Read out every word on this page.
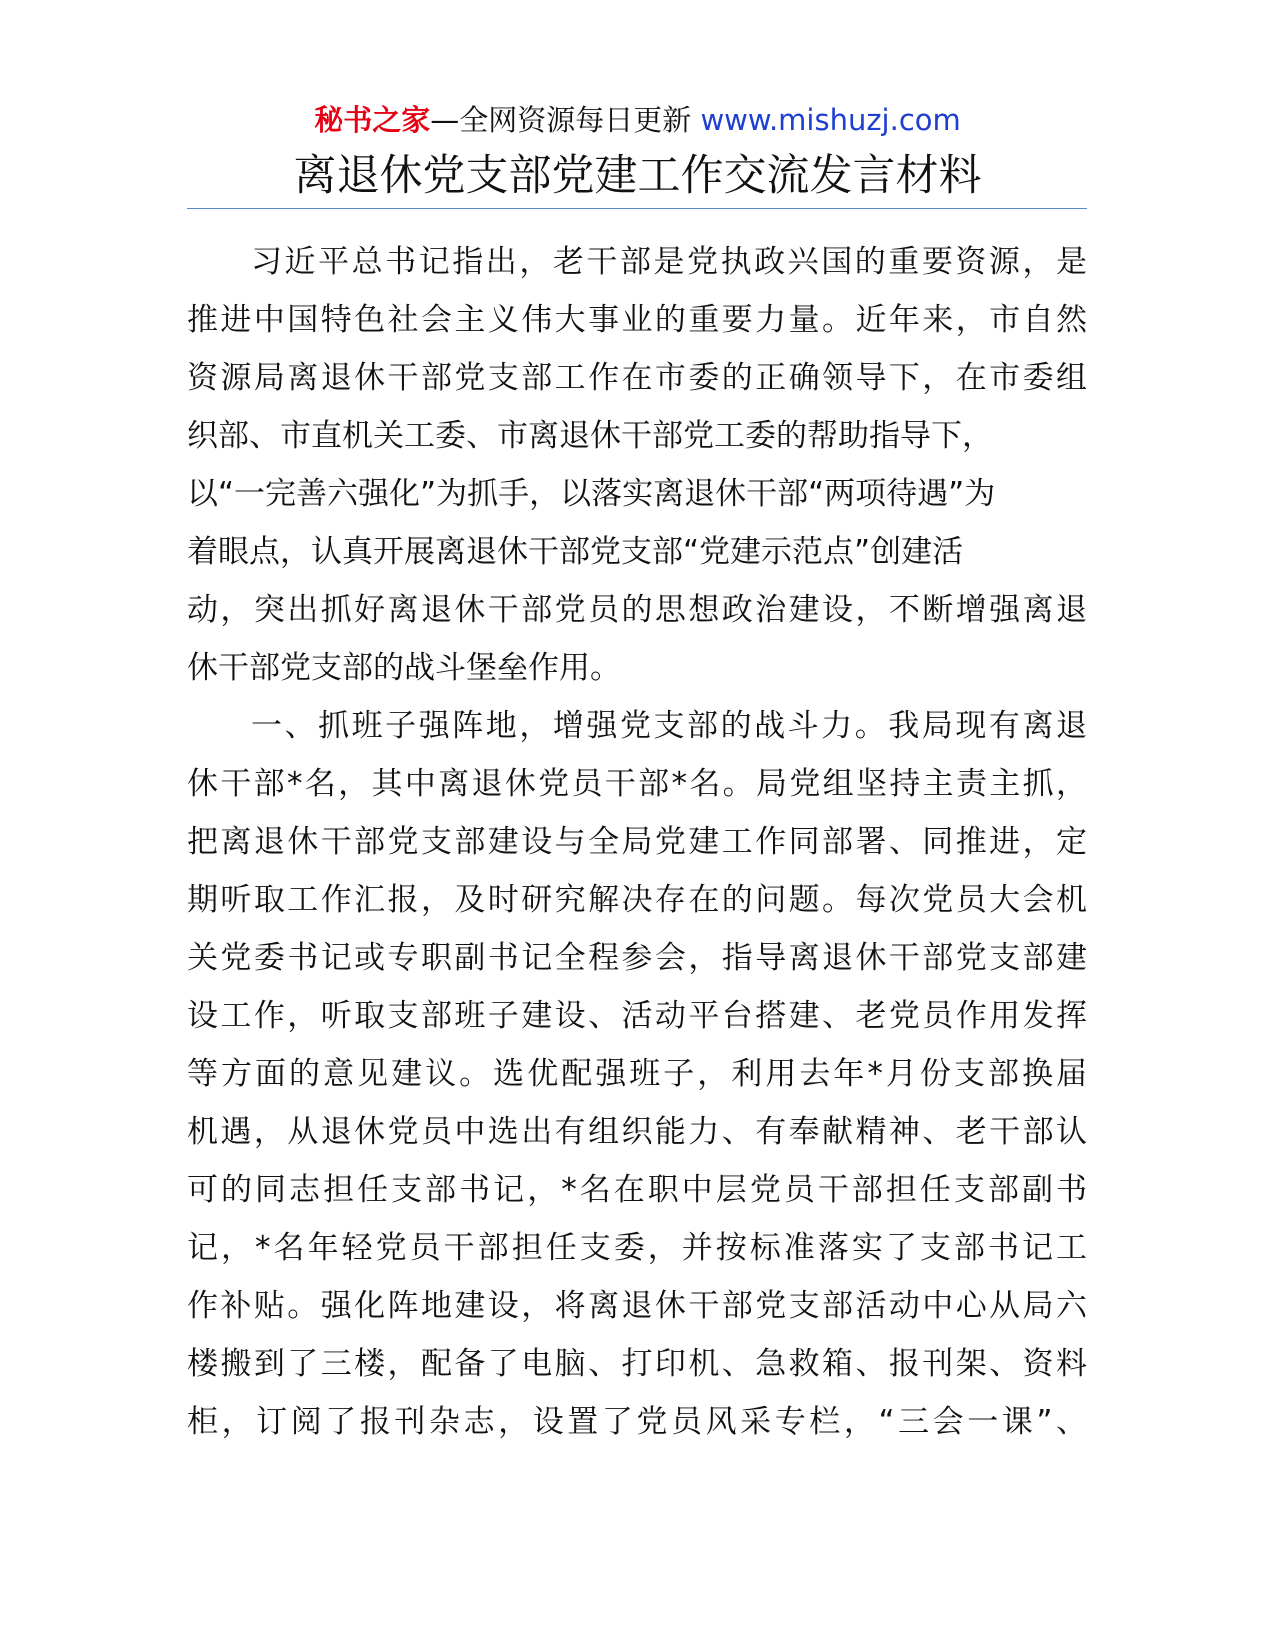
秘书之家—全网资源每日更新 www.mishuzj.com
离退休党支部党建工作交流发言材料
习近平总书记指出，老干部是党执政兴国的重要资源，是
推进中国特色社会主义伟大事业的重要力量。近年来，市自然
资源局离退休干部党支部工作在市委的正确领导下，在市委组
织部、市直机关工委、市离退休干部党工委的帮助指导下，
以“一完善六强化”为抓手，以落实离退休干部“两项待遇”为
着眼点，认真开展离退休干部党支部“党建示范点”创建活
动，突出抓好离退休干部党员的思想政治建设，不断增强离退
休干部党支部的战斗堡垒作用。
一、抓班子强阵地，增强党支部的战斗力。我局现有离退
休干部*名，其中离退休党员干部*名。局党组坚持主责主抓，
把离退休干部党支部建设与全局党建工作同部署、同推进，定
期听取工作汇报，及时研究解决存在的问题。每次党员大会机
关党委书记或专职副书记全程参会，指导离退休干部党支部建
设工作，听取支部班子建设、活动平台搭建、老党员作用发挥
等方面的意见建议。选优配强班子，利用去年*月份支部换届
机遇，从退休党员中选出有组织能力、有奉献精神、老干部认
可的同志担任支部书记，*名在职中层党员干部担任支部副书
记，*名年轻党员干部担任支委，并按标准落实了支部书记工
作补贴。强化阵地建设，将离退休干部党支部活动中心从局六
楼搬到了三楼，配备了电脑、打印机、急救箱、报刊架、资料
柜，订阅了报刊杂志，设置了党员风采专栏，“三会一课”、
